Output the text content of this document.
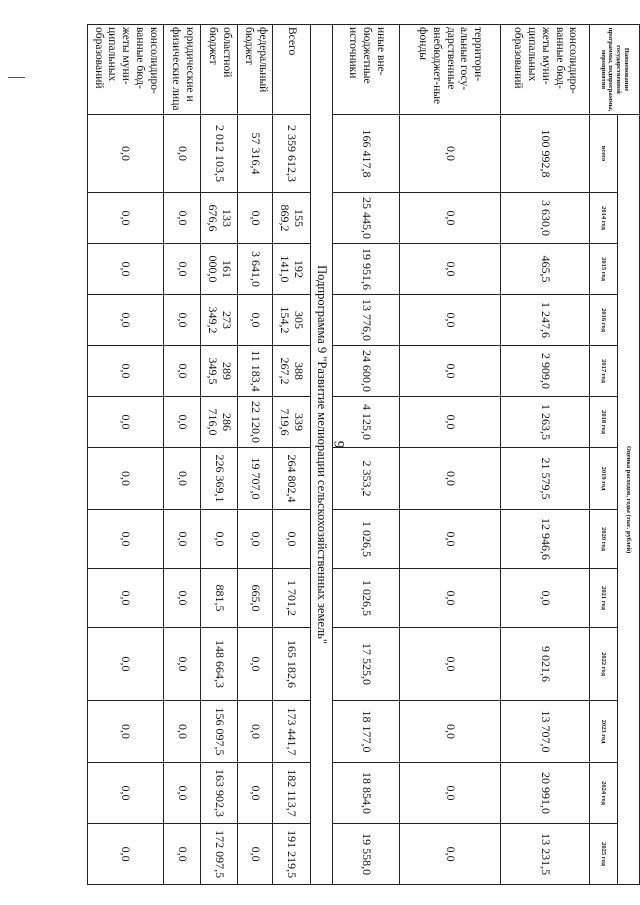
9
Наименование государственной программы, подпрограммы, мероприятия	Оценка расходов, годы (тыс. рублей)												
	всего	2014 год	2015 год	2016 год	2017 год	2018 год	2019 год	2020 год	2021 год	2022 год	2023 год	2024 год	2025 год
консолидиро-ванные бюд-жеты муни-ципальных образований	100 992,8	3 630,0	465,5	1 247,6	2 909,0	1 263,5	21 579,5	12 946,6	0,0	9 021,6	13 707,0	20 991,0	13 231,5
территори-альные госу-дарственные внебюджет-ные фонды	0,0	0,0	0,0	0,0	0,0	0,0	0,0	0,0	0,0	0,0	0,0	0,0	0,0
иные вне-бюджетные источники	166 417,8	25 445,0	19 951,6	13 776,0	24 600,0	4 125,0	2 353,2	1 026,5	1 026,5	17 525,0	18 177,0	18 854,0	19 558,0
Подпрограмма 9 "Развитие мелиорации сельскохозяйственных земель"													
Всего	2 359 612,3	155 869,2	192 141,0	305 154,2	388 267,2	339 719,6	264 802,4	0,0	1 701,2	165 182,6	173 441,7	182 113,7	191 219,5
федеральный бюджет	57 316,4	0,0	3 641,0	0,0	11 183,4	22 120,0	19 707,0	0,0	665,0	0,0	0,0	0,0	0,0
областной бюджет	2 012 103,5	133 676,6	161 000,0	273 349,2	289 349,5	286 716,0	226 369,1	0,0	881,5	148 664,3	156 097,5	163 902,3	172 097,5
юридические и физические лица	0,0	0,0	0,0	0,0	0,0	0,0	0,0	0,0	0,0	0,0	0,0	0,0	0,0
консолидиро-ванные бюд-жеты муни-ципальных образований	0,0	0,0	0,0	0,0	0,0	0,0	0,0	0,0	0,0	0,0	0,0	0,0	0,0
